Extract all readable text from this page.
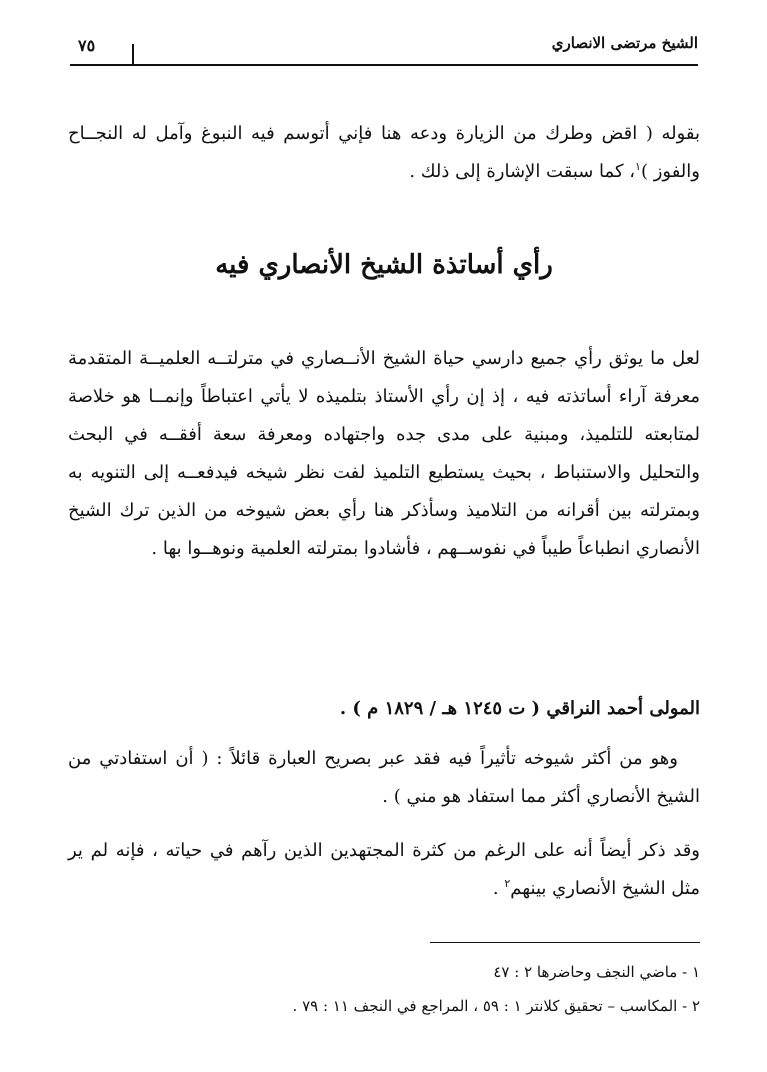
الشيخ مرتضى الانصاري
٧٥
بقوله ( اقض وطرك من الزيارة ودعه هنا فإني أتوسم فيه النبوغ وآمل له النجــاح والفوز )$^١$، كما سبقت الإشارة إلى ذلك .
رأي أساتذة الشيخ الأنصاري فيه
لعل ما يوثق رأي جميع دارسي حياة الشيخ الأنــصاري في مترلتــه العلميــة المتقدمة معرفة آراء أساتذته فيه ، إذ إن رأي الأستاذ بتلميذه لا يأتي اعتباطاً وإنمــا هو خلاصة لمتابعته للتلميذ، ومبنية على مدى جده واجتهاده ومعرفة سعة أفقــه في البحث والتحليل والاستنباط ، بحيث يستطيع التلميذ لفت نظر شيخه فيدفعــه إلى التنويه به وبمترلته بين أقرانه من التلاميذ وسأذكر هنا رأي بعض شيوخه من الذين ترك الشيخ الأنصاري انطباعاً طيباً في نفوســهم ، فأشادوا بمترلته العلمية ونوهــوا بها .
المولى أحمد النراقي ( ت ١٢٤٥ هـ / ١٨٢٩ م ) .
وهو من أكثر شيوخه تأثيراً فيه فقد عبر بصريح العبارة قائلاً : ( أن استفادتي من الشيخ الأنصاري أكثر مما استفاد هو مني ) .
وقد ذكر أيضاً أنه على الرغم من كثرة المجتهدين الذين رآهم في حياته ، فإنه لم ير مثل الشيخ الأنصاري بينهم$^٢$ .
١ - ماضي النجف وحاضرها ٢ : ٤٧
٢ - المكاسب – تحقيق كلانتر ١ : ٥٩ ، المراجع في النجف ١١ : ٧٩ .
